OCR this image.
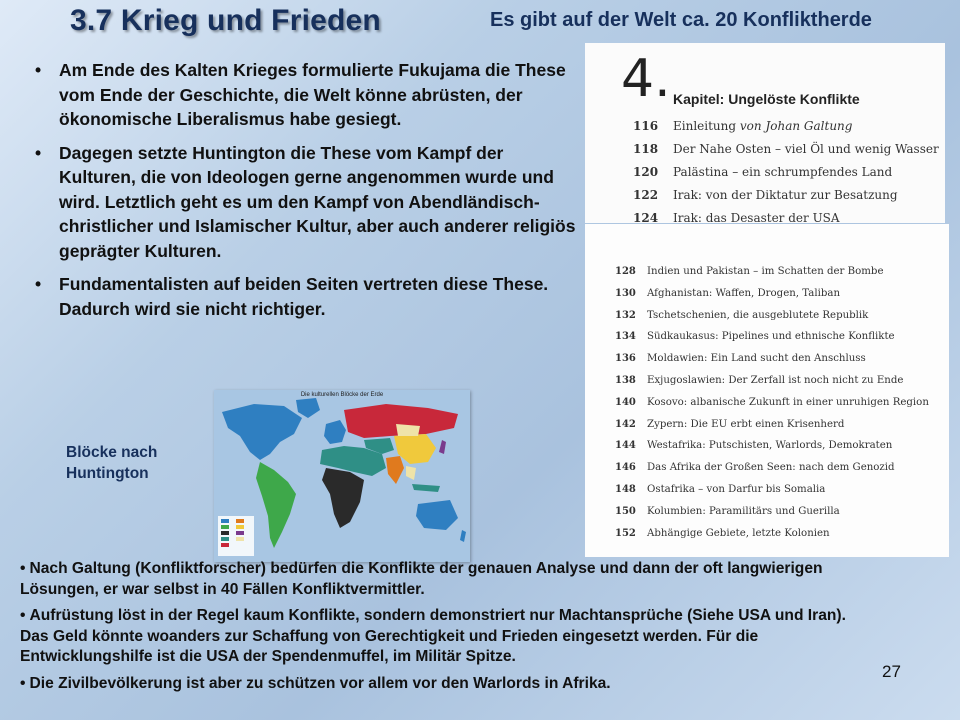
3.7 Krieg und Frieden	Es gibt auf der Welt ca. 20 Konfliktherde
• Am Ende des Kalten Krieges formulierte Fukujama die These vom Ende der Geschichte, die Welt könne abrüsten, der ökonomische Liberalismus habe gesiegt.
• Dagegen setzte Huntington die These vom Kampf der Kulturen, die von Ideologen gerne angenommen wurde und wird. Letztlich geht es um den Kampf von Abendländisch-christlicher und Islamischer Kultur, aber auch anderer religiös geprägter Kulturen.
• Fundamentalisten auf beiden Seiten vertreten diese These. Dadurch wird sie nicht richtiger.
Die kulturellen Blöcke der Erde
Blöcke nach Huntington
4. Kapitel: Ungelöste Konflikte
116 Einleitung von Johan Galtung
118 Der Nahe Osten – viel Öl und wenig Wasser
120 Palästina – ein schrumpfendes Land
122 Irak: von der Diktatur zur Besatzung
124 Irak: das Desaster der USA
128 Indien und Pakistan – im Schatten der Bombe
130 Afghanistan: Waffen, Drogen, Taliban
132 Tschetschenien, die ausgeblutete Republik
134 Südkaukasus: Pipelines und ethnische Konflikte
136 Moldawien: Ein Land sucht den Anschluss
138 Exjugoslawien: Der Zerfall ist noch nicht zu Ende
140 Kosovo: albanische Zukunft in einer unruhigen Region
142 Zypern: Die EU erbt einen Krisenherd
144 Westafrika: Putschisten, Warlords, Demokraten
146 Das Afrika der Großen Seen: nach dem Genozid
148 Ostafrika – von Darfur bis Somalia
150 Kolumbien: Paramilitärs und Guerilla
152 Abhängige Gebiete, letzte Kolonien
• Nach Galtung (Konfliktforscher) bedürfen die Konflikte der genauen Analyse und dann der oft langwierigen Lösungen, er war selbst in 40 Fällen Konfliktvermittler.
• Aufrüstung löst in der Regel kaum Konflikte, sondern demonstriert nur Machtansprüche (Siehe USA und Iran). Das Geld könnte woanders zur Schaffung von Gerechtigkeit und Frieden eingesetzt werden. Für die Entwicklungshilfe ist die USA der Spendenmuffel, im Militär Spitze.
• Die Zivilbevölkerung ist aber zu schützen vor allem vor den Warlords in Afrika.
27
